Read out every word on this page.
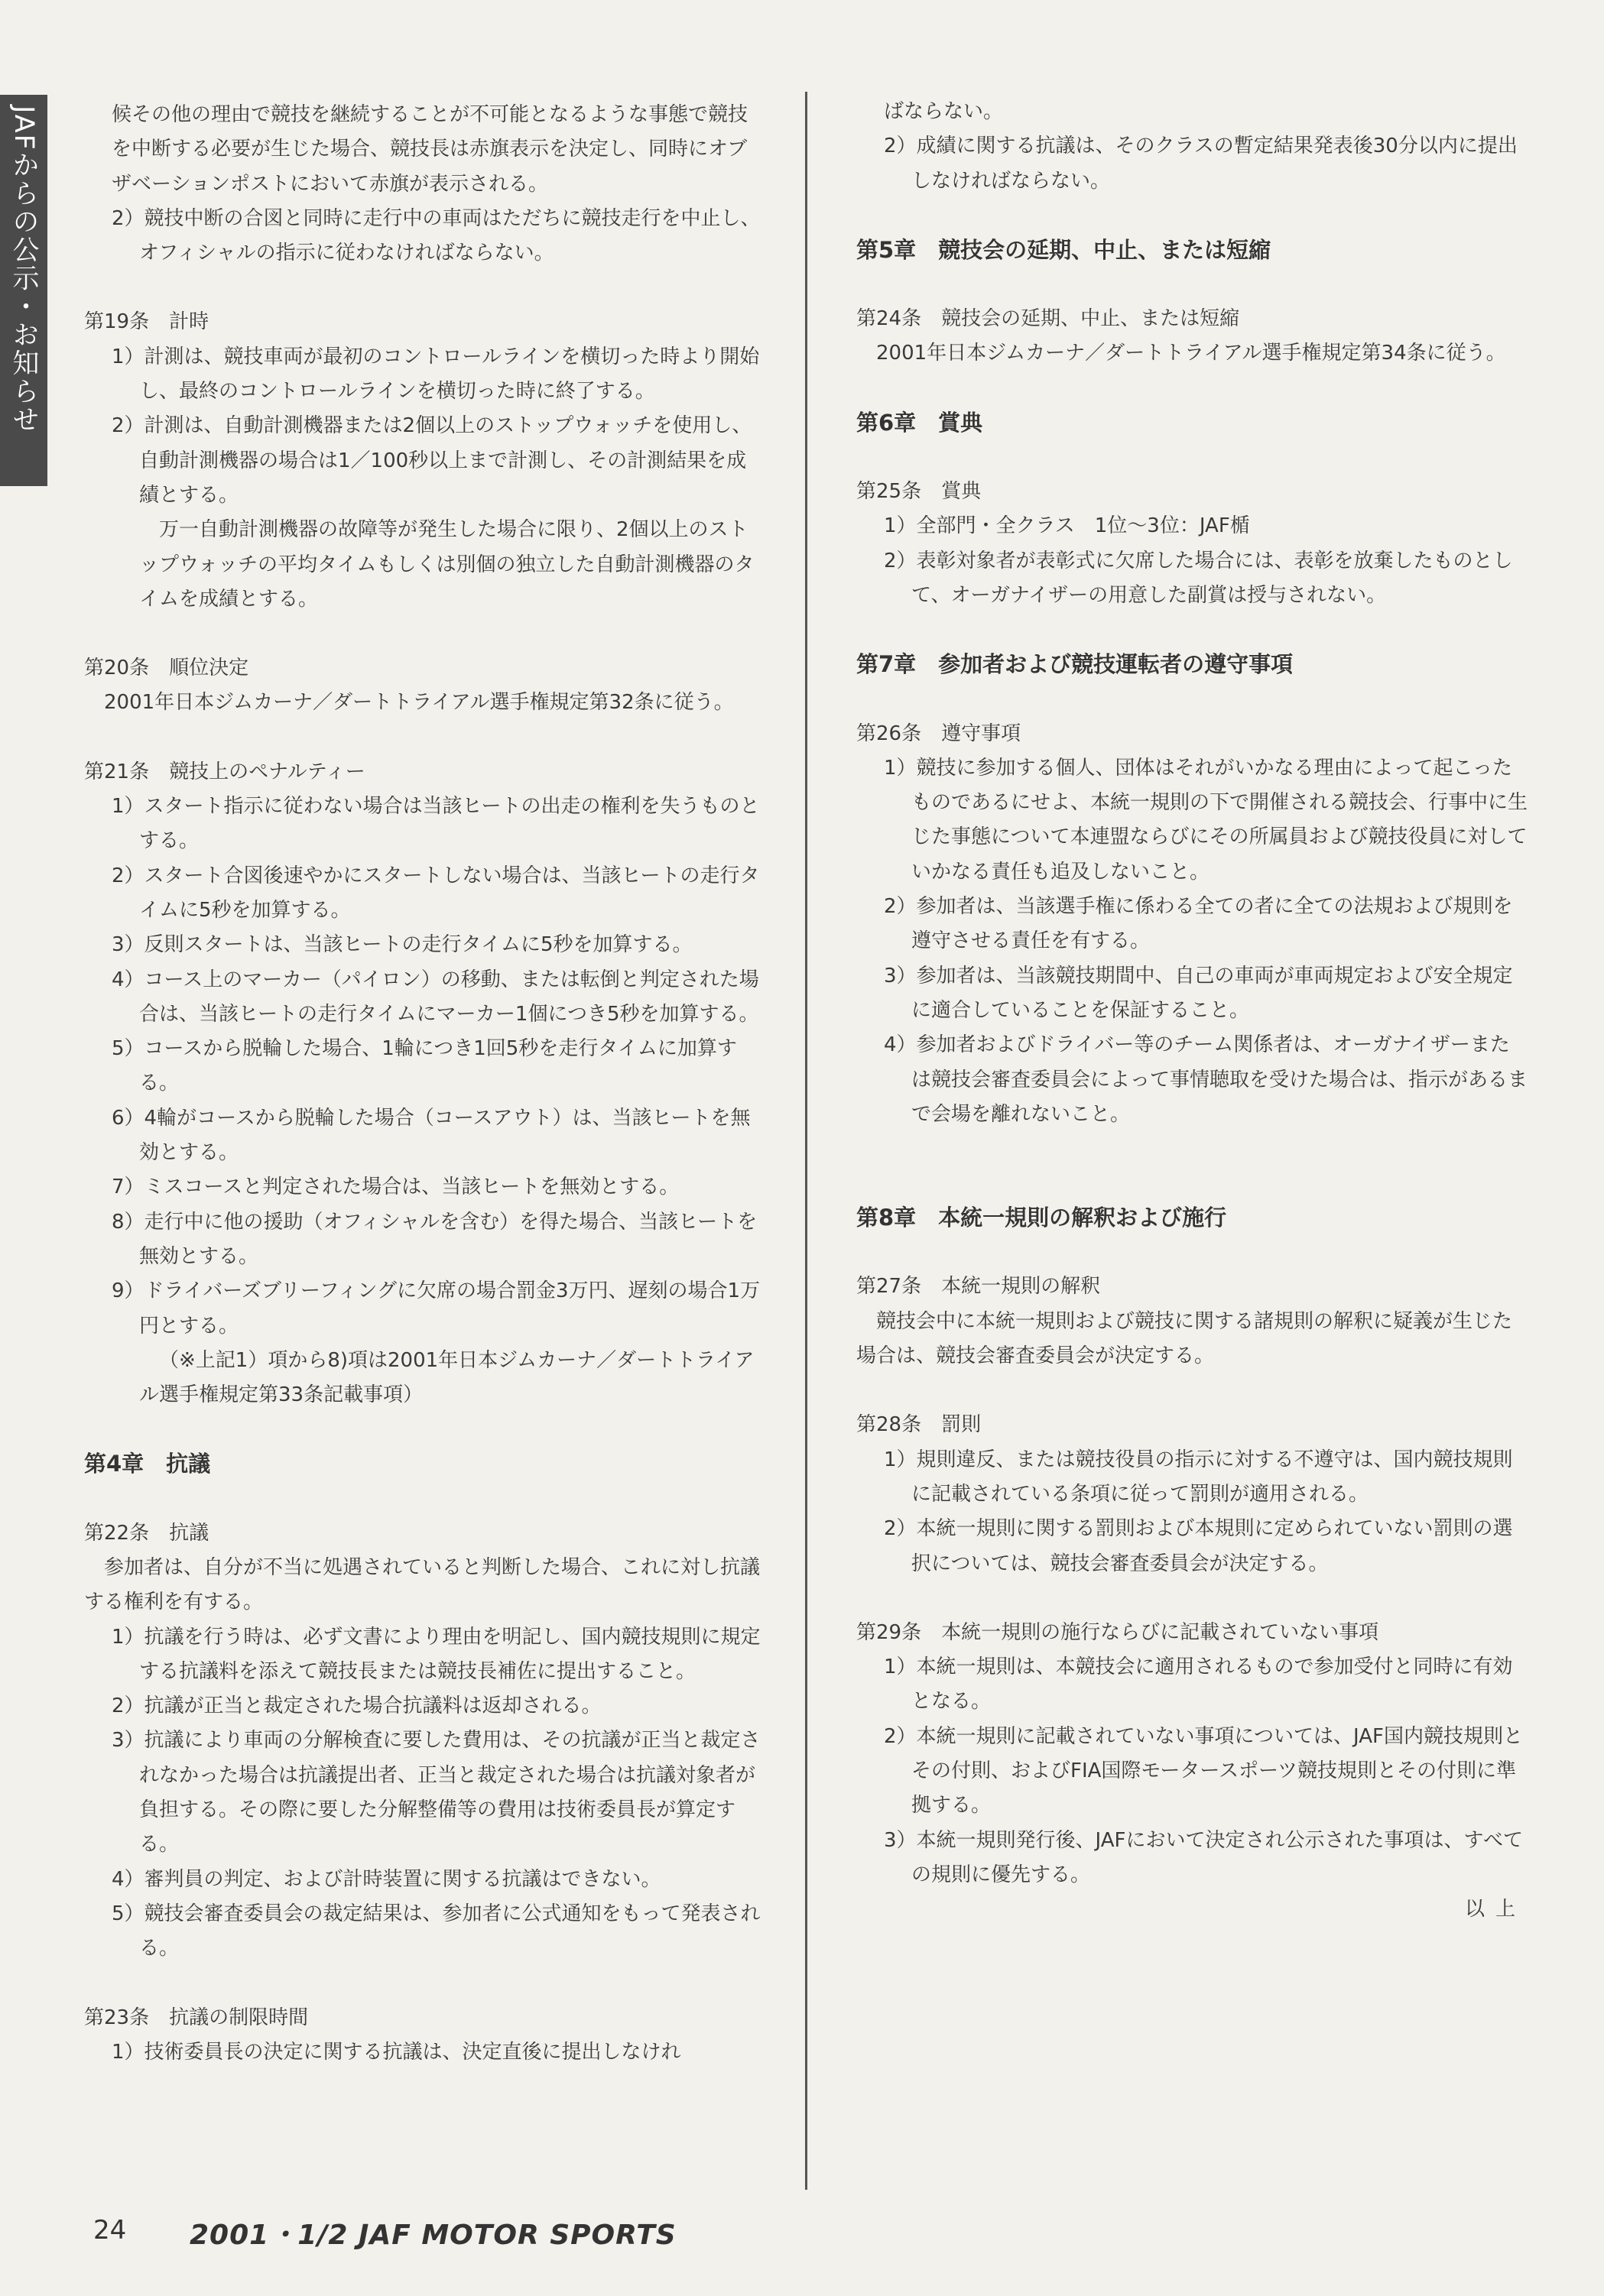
JAFからの公示・お知らせ	候その他の理由で競技を継続することが不可能となるような事態で競技を中断する必要が生じた場合、競技長は赤旗表示を決定し、同時にオブザベーションポストにおいて赤旗が表示される。
2）競技中断の合図と同時に走行中の車両はただちに競技走行を中止し、オフィシャルの指示に従わなければならない。
第19条　計時
1）計測は、競技車両が最初のコントロールラインを横切った時より開始し、最終のコントロールラインを横切った時に終了する。
2）計測は、自動計測機器または2個以上のストップウォッチを使用し、自動計測機器の場合は1／100秒以上まで計測し、その計測結果を成績とする。
万一自動計測機器の故障等が発生した場合に限り、2個以上のストップウォッチの平均タイムもしくは別個の独立した自動計測機器のタイムを成績とする。
第20条　順位決定
2001年日本ジムカーナ／ダートトライアル選手権規定第32条に従う。
第21条　競技上のペナルティー
1）スタート指示に従わない場合は当該ヒートの出走の権利を失うものとする。
2）スタート合図後速やかにスタートしない場合は、当該ヒートの走行タイムに5秒を加算する。
3）反則スタートは、当該ヒートの走行タイムに5秒を加算する。
4）コース上のマーカー（パイロン）の移動、または転倒と判定された場合は、当該ヒートの走行タイムにマーカー1個につき5秒を加算する。
5）コースから脱輪した場合、1輪につき1回5秒を走行タイムに加算する。
6）4輪がコースから脱輪した場合（コースアウト）は、当該ヒートを無効とする。
7）ミスコースと判定された場合は、当該ヒートを無効とする。
8）走行中に他の援助（オフィシャルを含む）を得た場合、当該ヒートを無効とする。
9）ドライバーズブリーフィングに欠席の場合罰金3万円、遅刻の場合1万円とする。
（※上記1）項から8)項は2001年日本ジムカーナ／ダートトライアル選手権規定第33条記載事項）
第4章　抗議
第22条　抗議
参加者は、自分が不当に処遇されていると判断した場合、これに対し抗議する権利を有する。
1）抗議を行う時は、必ず文書により理由を明記し、国内競技規則に規定する抗議料を添えて競技長または競技長補佐に提出すること。
2）抗議が正当と裁定された場合抗議料は返却される。
3）抗議により車両の分解検査に要した費用は、その抗議が正当と裁定されなかった場合は抗議提出者、正当と裁定された場合は抗議対象者が負担する。その際に要した分解整備等の費用は技術委員長が算定する。
4）審判員の判定、および計時装置に関する抗議はできない。
5）競技会審査委員会の裁定結果は、参加者に公式通知をもって発表される。
第23条　抗議の制限時間
1）技術委員長の決定に関する抗議は、決定直後に提出しなけれ
ばならない。
2）成績に関する抗議は、そのクラスの暫定結果発表後30分以内に提出しなければならない。
第5章　競技会の延期、中止、または短縮
第24条　競技会の延期、中止、または短縮
2001年日本ジムカーナ／ダートトライアル選手権規定第34条に従う。
第6章　賞典
第25条　賞典
1）全部門・全クラス　1位〜3位：JAF楯
2）表彰対象者が表彰式に欠席した場合には、表彰を放棄したものとして、オーガナイザーの用意した副賞は授与されない。
第7章　参加者および競技運転者の遵守事項
第26条　遵守事項
1）競技に参加する個人、団体はそれがいかなる理由によって起こったものであるにせよ、本統一規則の下で開催される競技会、行事中に生じた事態について本連盟ならびにその所属員および競技役員に対していかなる責任も追及しないこと。
2）参加者は、当該選手権に係わる全ての者に全ての法規および規則を遵守させる責任を有する。
3）参加者は、当該競技期間中、自己の車両が車両規定および安全規定に適合していることを保証すること。
4）参加者およびドライバー等のチーム関係者は、オーガナイザーまたは競技会審査委員会によって事情聴取を受けた場合は、指示があるまで会場を離れないこと。
第8章　本統一規則の解釈および施行
第27条　本統一規則の解釈
競技会中に本統一規則および競技に関する諸規則の解釈に疑義が生じた場合は、競技会審査委員会が決定する。
第28条　罰則
1）規則違反、または競技役員の指示に対する不遵守は、国内競技規則に記載されている条項に従って罰則が適用される。
2）本統一規則に関する罰則および本規則に定められていない罰則の選択については、競技会審査委員会が決定する。
第29条　本統一規則の施行ならびに記載されていない事項
1）本統一規則は、本競技会に適用されるもので参加受付と同時に有効となる。
2）本統一規則に記載されていない事項については、JAF国内競技規則とその付則、およびFIA国際モータースポーツ競技規則とその付則に準拠する。
3）本統一規則発行後、JAFにおいて決定され公示された事項は、すべての規則に優先する。
以上
24 2001・1/2 JAF MOTOR SPORTS
